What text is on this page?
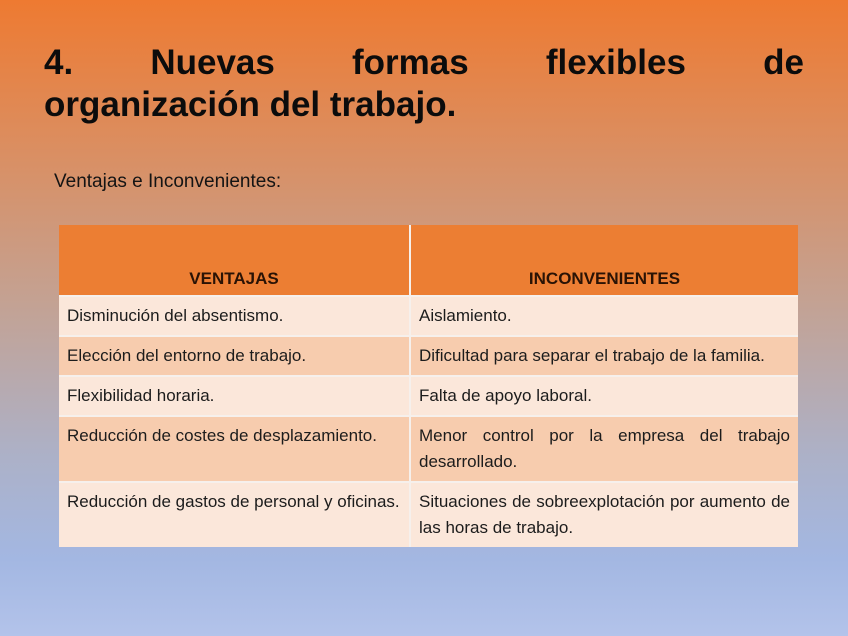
4. Nuevas formas flexibles de
organización del trabajo.
Ventajas e Inconvenientes:
VENTAJAS	INCONVENIENTES

Disminución del absentismo.	Aislamiento.

Elección del entorno de trabajo.	Dificultad para separar el trabajo de la familia.

Flexibilidad horaria.	Falta de apoyo laboral.

Reducción de costes de desplazamiento.	Menor control por la empresa del trabajo desarrollado.

Reducción de gastos de personal y oficinas.	Situaciones de sobreexplotación por aumento de las horas de trabajo.
